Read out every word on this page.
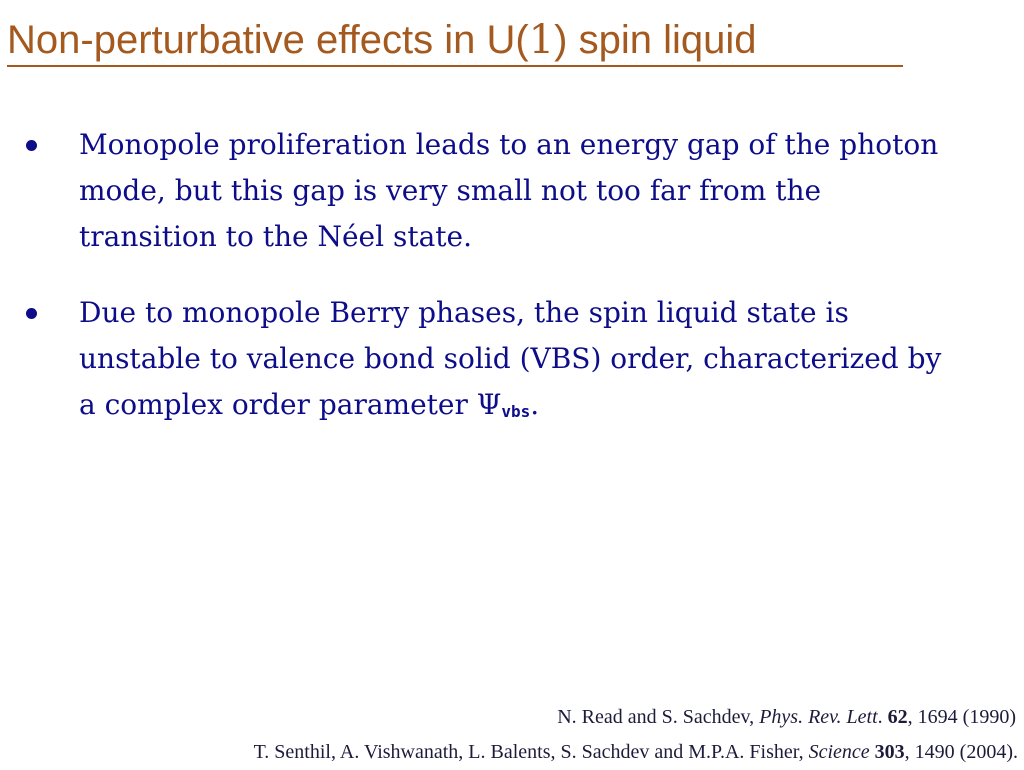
Non-perturbative effects in U(1) spin liquid
Monopole proliferation leads to an energy gap of the photon mode, but this gap is very small not too far from the transition to the Néel state.
Due to monopole Berry phases, the spin liquid state is unstable to valence bond solid (VBS) order, characterized by a complex order parameter Ψvbs.
N. Read and S. Sachdev, Phys. Rev. Lett. 62, 1694 (1990)
T. Senthil, A. Vishwanath, L. Balents, S. Sachdev and M.P.A. Fisher, Science 303, 1490 (2004).
